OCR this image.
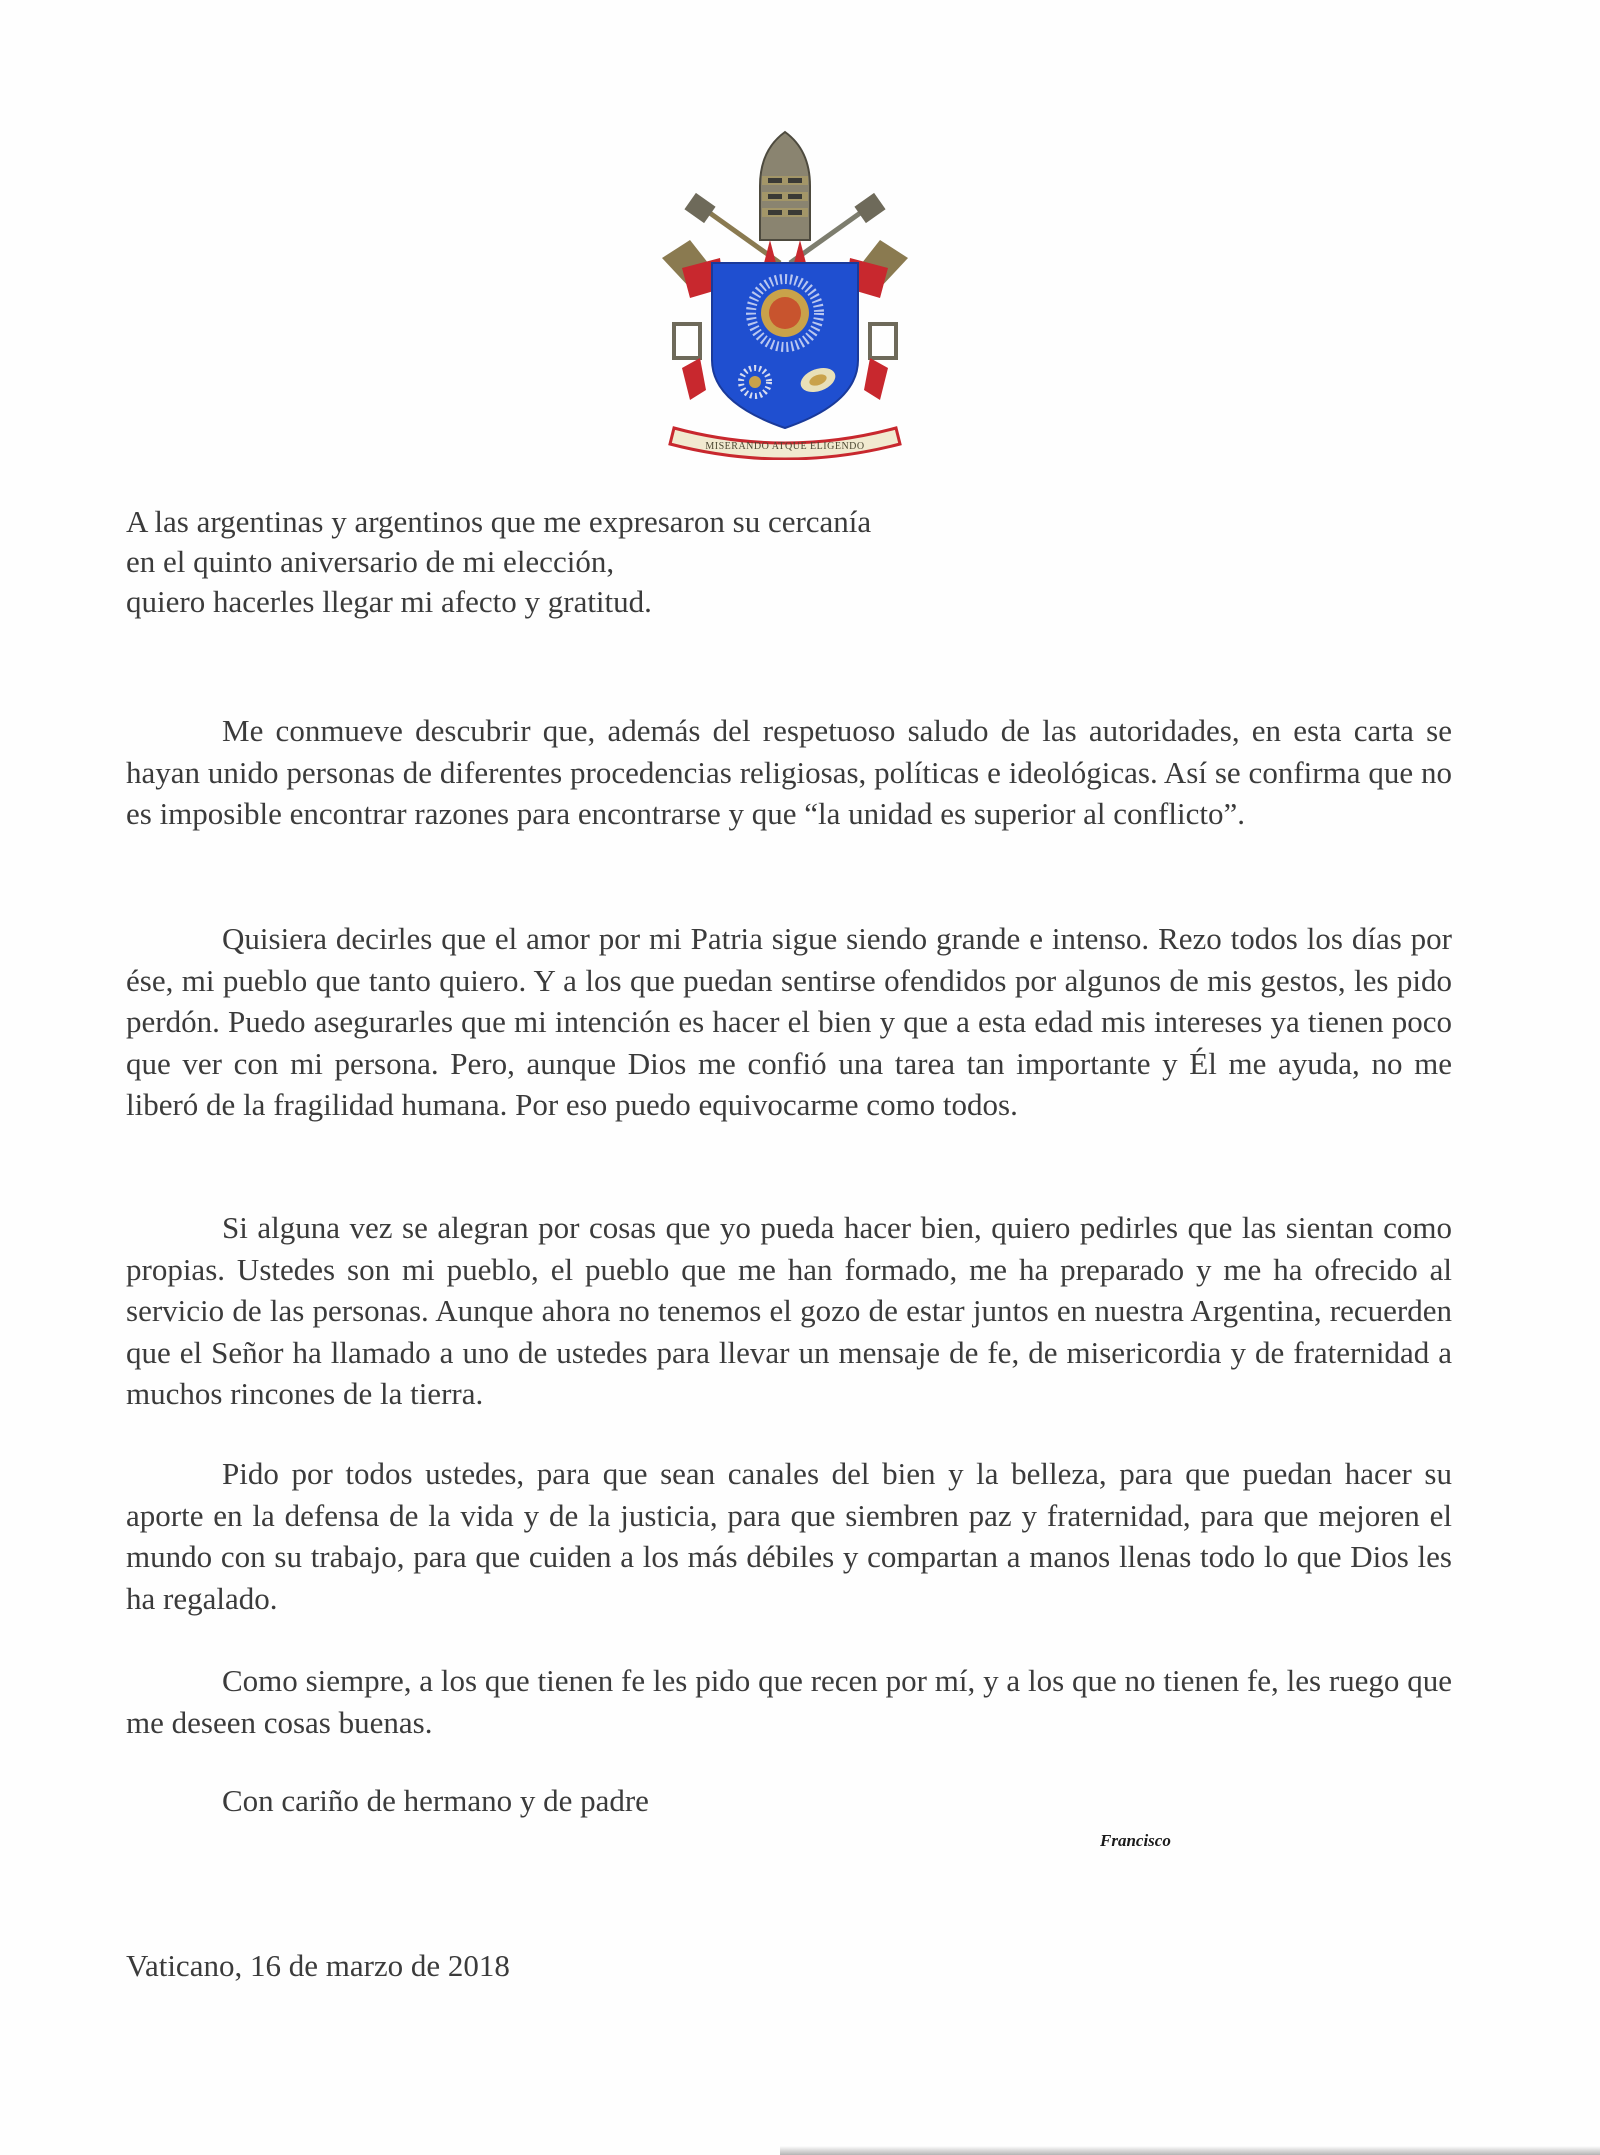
MISERANDO ATQUE ELIGENDO
A las argentinas y argentinos que me expresaron su cercanía
en el quinto aniversario de mi elección,
quiero hacerles llegar mi afecto y gratitud.
Me conmueve descubrir que, además del respetuoso saludo de las autoridades, en esta carta se hayan unido personas de diferentes procedencias religiosas, políticas e ideológicas. Así se confirma que no es imposible encontrar razones para encontrarse y que “la unidad es superior al conflicto”.
Quisiera decirles que el amor por mi Patria sigue siendo grande e intenso. Rezo todos los días por ése, mi pueblo que tanto quiero. Y a los que puedan sentirse ofendidos por algunos de mis gestos, les pido perdón. Puedo asegurarles que mi intención es hacer el bien y que a esta edad mis intereses ya tienen poco que ver con mi persona. Pero, aunque Dios me confió una tarea tan importante y Él me ayuda, no me liberó de la fragilidad humana. Por eso puedo equivocarme como todos.
Si alguna vez se alegran por cosas que yo pueda hacer bien, quiero pedirles que las sientan como propias. Ustedes son mi pueblo, el pueblo que me han formado, me ha preparado y me ha ofrecido al servicio de las personas. Aunque ahora no tenemos el gozo de estar juntos en nuestra Argentina, recuerden que el Señor ha llamado a uno de ustedes para llevar un mensaje de fe, de misericordia y de fraternidad a muchos rincones de la tierra.
Pido por todos ustedes, para que sean canales del bien y la belleza, para que puedan hacer su aporte en la defensa de la vida y de la justicia, para que siembren paz y fraternidad, para que mejoren el mundo con su trabajo, para que cuiden a los más débiles y compartan a manos llenas todo lo que Dios les ha regalado.
Como siempre, a los que tienen fe les pido que recen por mí, y a los que no tienen fe, les ruego que me deseen cosas buenas.
Con cariño de hermano y de padre
Francisco
Vaticano, 16 de marzo de 2018
